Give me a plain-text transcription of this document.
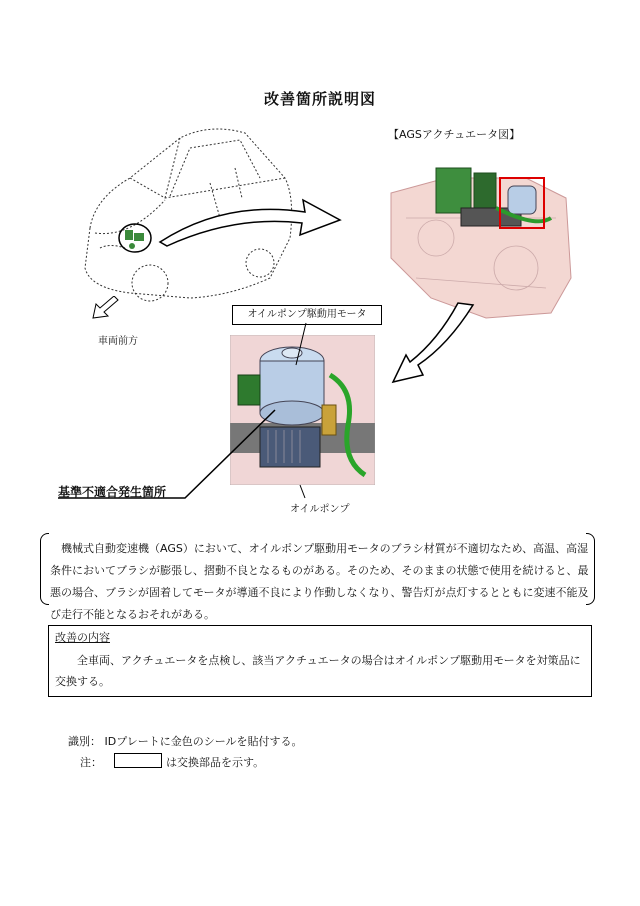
改善箇所説明図
車両前方
【AGSアクチュエータ図】
オイルポンプ駆動用モータ
基準不適合発生箇所
オイルポンプ
機械式自動変速機（AGS）において、オイルポンプ駆動用モータのブラシ材質が不適切なため、高温、高湿条件においてブラシが膨張し、摺動不良となるものがある。そのため、そのままの状態で使用を続けると、最悪の場合、ブラシが固着してモータが導通不良により作動しなくなり、警告灯が点灯するとともに変速不能及び走行不能となるおそれがある。
改善の内容
全車両、アクチュエータを点検し、該当アクチュエータの場合はオイルポンプ駆動用モータを対策品に交換する。
識別： IDプレートに金色のシールを貼付する。
注：	は交換部品を示す。
